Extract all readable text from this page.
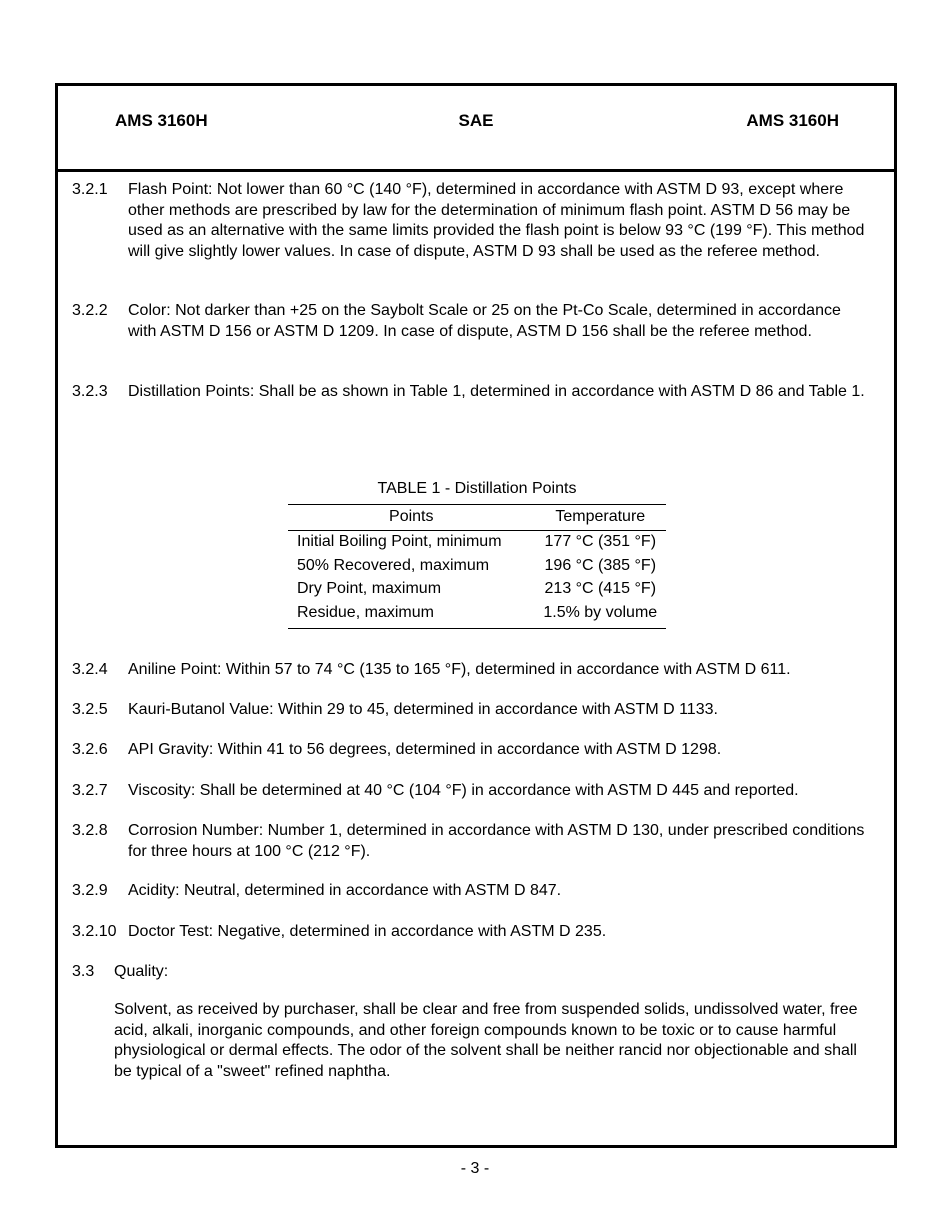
AMS 3160H	SAE	AMS 3160H
3.2.1 Flash Point: Not lower than 60 °C (140 °F), determined in accordance with ASTM D 93, except where other methods are prescribed by law for the determination of minimum flash point. ASTM D 56 may be used as an alternative with the same limits provided the flash point is below 93 °C (199 °F). This method will give slightly lower values. In case of dispute, ASTM D 93 shall be used as the referee method.
3.2.2 Color: Not darker than +25 on the Saybolt Scale or 25 on the Pt-Co Scale, determined in accordance with ASTM D 156 or ASTM D 1209. In case of dispute, ASTM D 156 shall be the referee method.
3.2.3 Distillation Points: Shall be as shown in Table 1, determined in accordance with ASTM D 86 and Table 1.
TABLE 1 - Distillation Points
Points	Temperature
Initial Boiling Point, minimum	177 °C (351 °F)
50% Recovered, maximum	196 °C (385 °F)
Dry Point, maximum	213 °C (415 °F)
Residue, maximum	1.5% by volume
3.2.4 Aniline Point: Within 57 to 74 °C (135 to 165 °F), determined in accordance with ASTM D 611.
3.2.5 Kauri-Butanol Value: Within 29 to 45, determined in accordance with ASTM D 1133.
3.2.6 API Gravity: Within 41 to 56 degrees, determined in accordance with ASTM D 1298.
3.2.7 Viscosity: Shall be determined at 40 °C (104 °F) in accordance with ASTM D 445 and reported.
3.2.8 Corrosion Number: Number 1, determined in accordance with ASTM D 130, under prescribed conditions for three hours at 100 °C (212 °F).
3.2.9 Acidity: Neutral, determined in accordance with ASTM D 847.
3.2.10 Doctor Test: Negative, determined in accordance with ASTM D 235.
3.3 Quality:
Solvent, as received by purchaser, shall be clear and free from suspended solids, undissolved water, free acid, alkali, inorganic compounds, and other foreign compounds known to be toxic or to cause harmful physiological or dermal effects. The odor of the solvent shall be neither rancid nor objectionable and shall be typical of a "sweet" refined naphtha.
- 3 -
